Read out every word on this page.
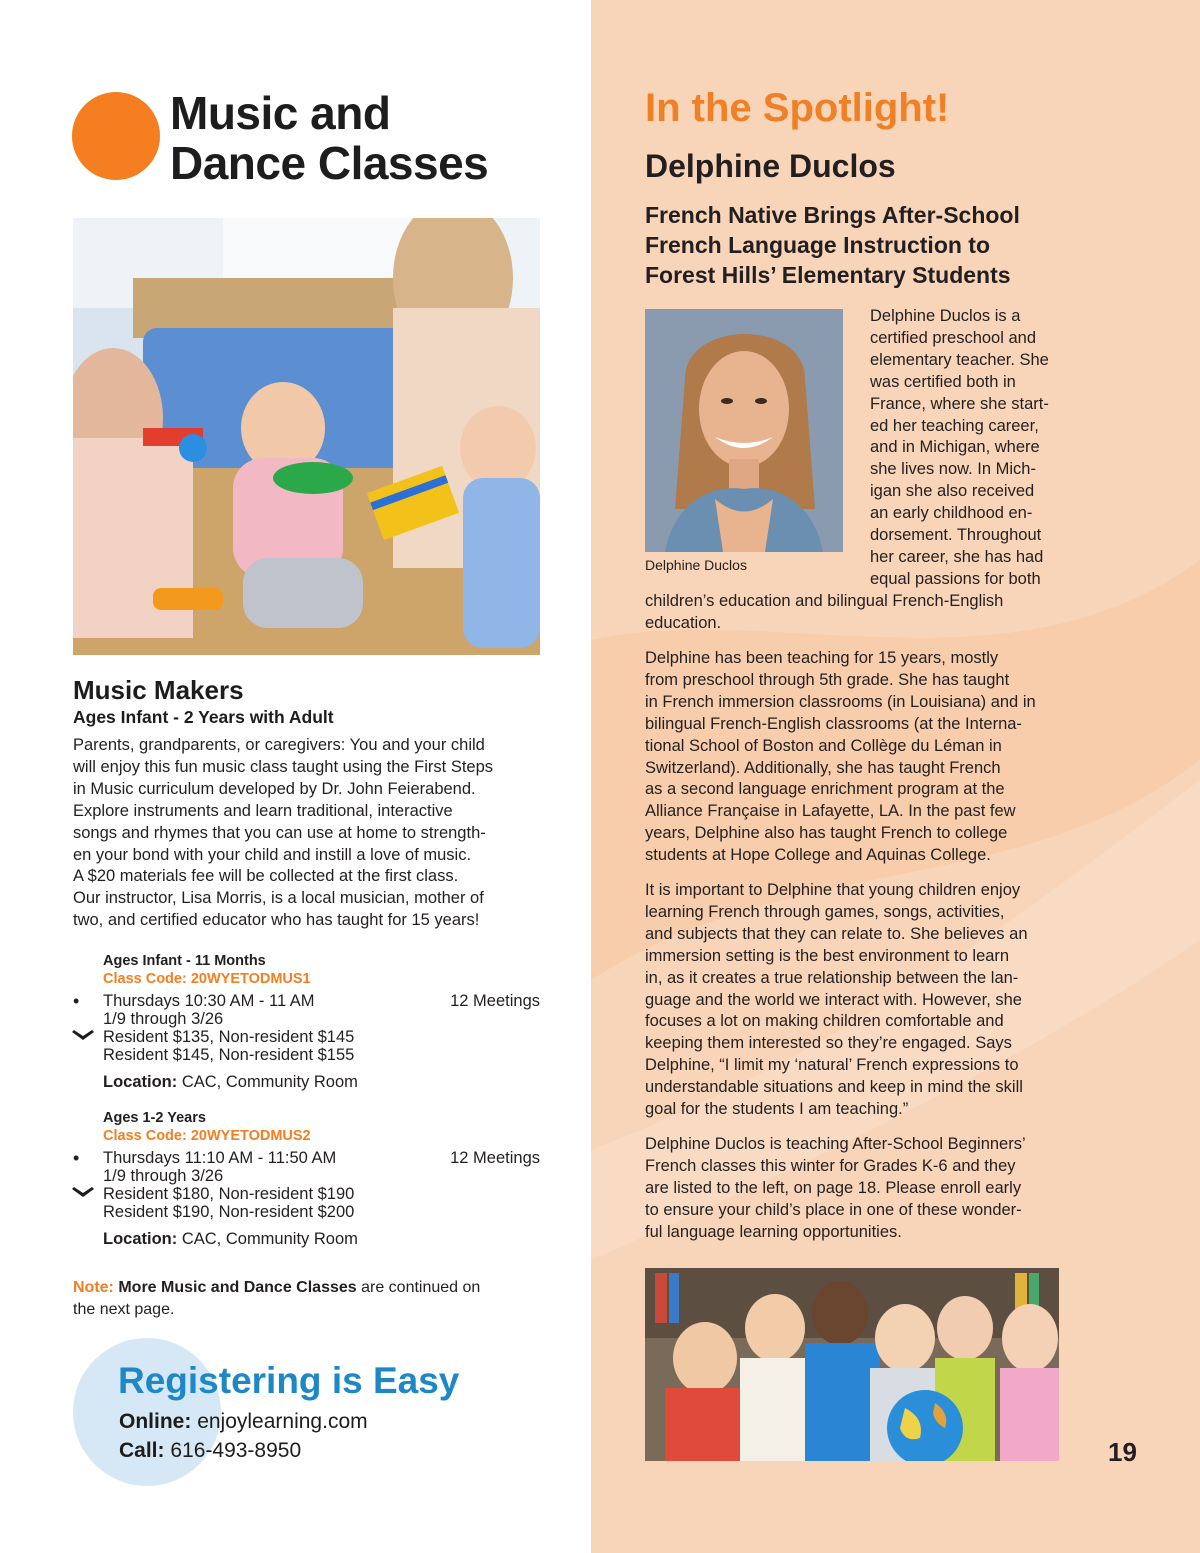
Music and
Dance Classes
Music Makers
Ages Infant - 2 Years with Adult
Parents, grandparents, or caregivers: You and your child
will enjoy this fun music class taught using the First Steps
in Music curriculum developed by Dr. John Feierabend.
Explore instruments and learn traditional, interactive
songs and rhymes that you can use at home to strength-
en your bond with your child and instill a love of music.
A $20 materials fee will be collected at the first class.
Our instructor, Lisa Morris, is a local musician, mother of
two, and certified educator who has taught for 15 years!
Ages Infant - 11 Months
Class Code: 20WYETODMUS1
• Thursdays 10:30 AM - 11 AM	12 Meetings
1/9 through 3/26
Resident $135, Non-resident $145
Resident $145, Non-resident $155
Location: CAC, Community Room
Ages 1-2 Years
Class Code: 20WYETODMUS2
• Thursdays 11:10 AM - 11:50 AM	12 Meetings
1/9 through 3/26
Resident $180, Non-resident $190
Resident $190, Non-resident $200
Location: CAC, Community Room
Note: More Music and Dance Classes are continued on
the next page.
Registering is Easy
Online: enjoylearning.com
Call: 616-493-8950
In the Spotlight!
Delphine Duclos
French Native Brings After-School
French Language Instruction to
Forest Hills’ Elementary Students
Delphine Duclos
Delphine Duclos is a
certified preschool and
elementary teacher. She
was certified both in
France, where she start-
ed her teaching career,
and in Michigan, where
she lives now. In Mich-
igan she also received
an early childhood en-
dorsement. Throughout
her career, she has had
equal passions for both
children’s education and bilingual French-English
education.
Delphine has been teaching for 15 years, mostly
from preschool through 5th grade. She has taught
in French immersion classrooms (in Louisiana) and in
bilingual French-English classrooms (at the Interna-
tional School of Boston and Collège du Léman in
Switzerland). Additionally, she has taught French
as a second language enrichment program at the
Alliance Française in Lafayette, LA. In the past few
years, Delphine also has taught French to college
students at Hope College and Aquinas College.
It is important to Delphine that young children enjoy
learning French through games, songs, activities,
and subjects that they can relate to. She believes an
immersion setting is the best environment to learn
in, as it creates a true relationship between the lan-
guage and the world we interact with. However, she
focuses a lot on making children comfortable and
keeping them interested so they’re engaged. Says
Delphine, “I limit my ‘natural’ French expressions to
understandable situations and keep in mind the skill
goal for the students I am teaching.”
Delphine Duclos is teaching After-School Beginners’
French classes this winter for Grades K-6 and they
are listed to the left, on page 18. Please enroll early
to ensure your child’s place in one of these wonder-
ful language learning opportunities.
19
